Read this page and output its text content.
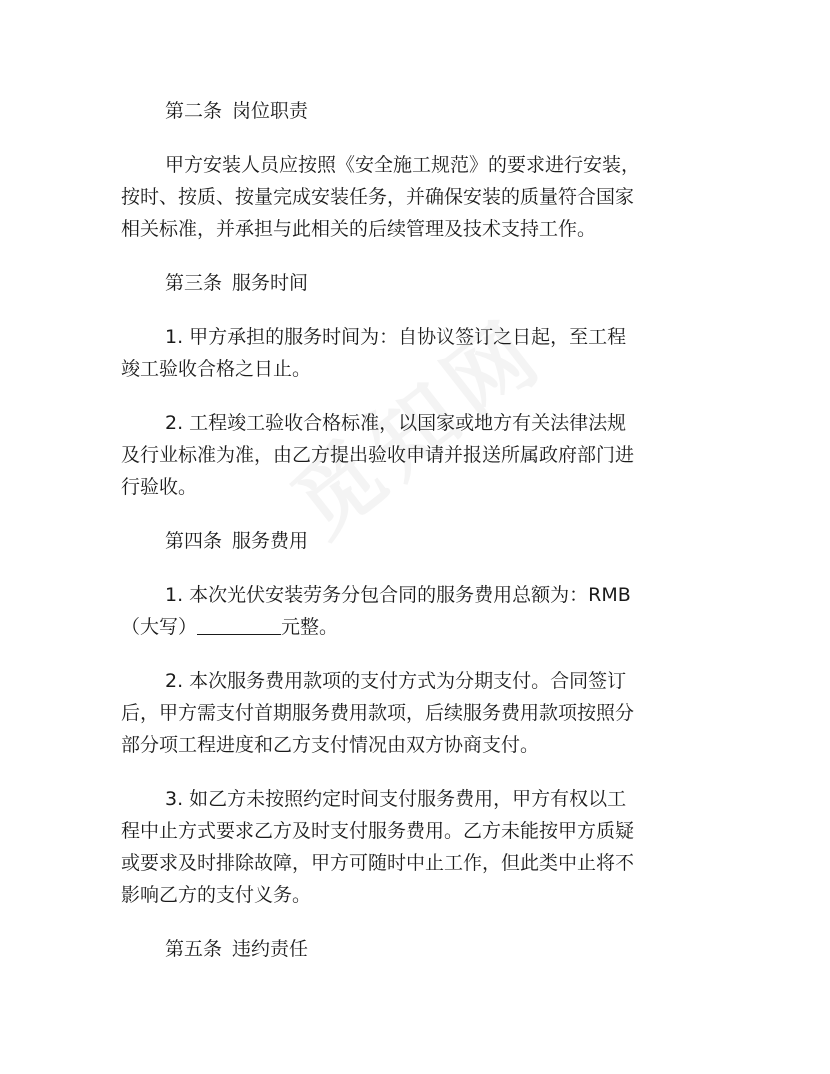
第二条 岗位职责
甲方安装人员应按照《安全施工规范》的要求进行安装，
按时、按质、按量完成安装任务，并确保安装的质量符合国家
相关标准，并承担与此相关的后续管理及技术支持工作。
第三条 服务时间
1. 甲方承担的服务时间为：自协议签订之日起，至工程
竣工验收合格之日止。
2. 工程竣工验收合格标准，以国家或地方有关法律法规
及行业标准为准，由乙方提出验收申请并报送所属政府部门进
行验收。
第四条 服务费用
1. 本次光伏安装劳务分包合同的服务费用总额为：RMB
（大写）	元整。
2. 本次服务费用款项的支付方式为分期支付。合同签订
后，甲方需支付首期服务费用款项，后续服务费用款项按照分
部分项工程进度和乙方支付情况由双方协商支付。
3. 如乙方未按照约定时间支付服务费用，甲方有权以工
程中止方式要求乙方及时支付服务费用。乙方未能按甲方质疑
或要求及时排除故障，甲方可随时中止工作，但此类中止将不
影响乙方的支付义务。
第五条 违约责任
